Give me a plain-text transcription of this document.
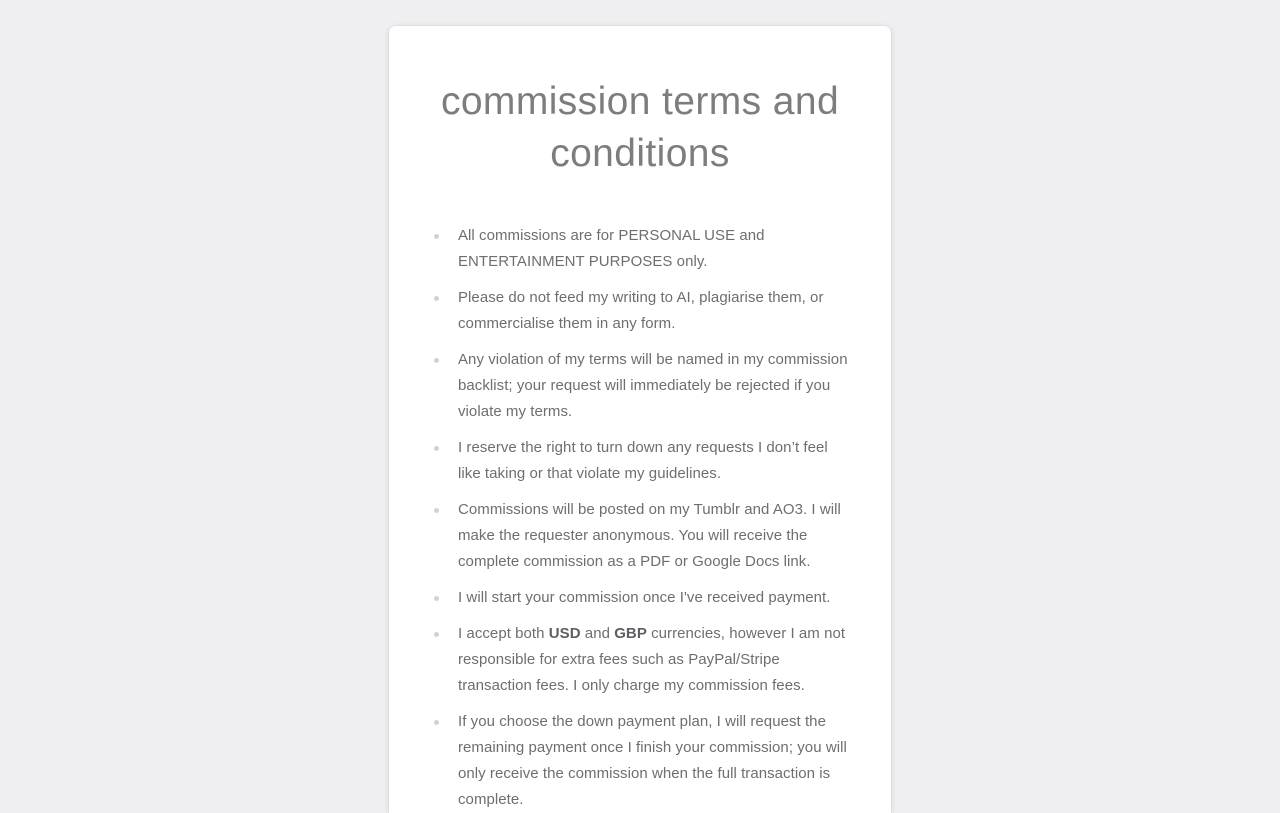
commission terms and conditions
All commissions are for PERSONAL USE and ENTERTAINMENT PURPOSES only.
Please do not feed my writing to AI, plagiarise them, or commercialise them in any form.
Any violation of my terms will be named in my commission backlist; your request will immediately be rejected if you violate my terms.
I reserve the right to turn down any requests I don’t feel like taking or that violate my guidelines.
Commissions will be posted on my Tumblr and AO3. I will make the requester anonymous. You will receive the complete commission as a PDF or Google Docs link.
I will start your commission once I've received payment.
I accept both USD and GBP currencies, however I am not responsible for extra fees such as PayPal/Stripe transaction fees. I only charge my commission fees.
If you choose the down payment plan, I will request the remaining payment once I finish your commission; you will only receive the commission when the full transaction is complete.
